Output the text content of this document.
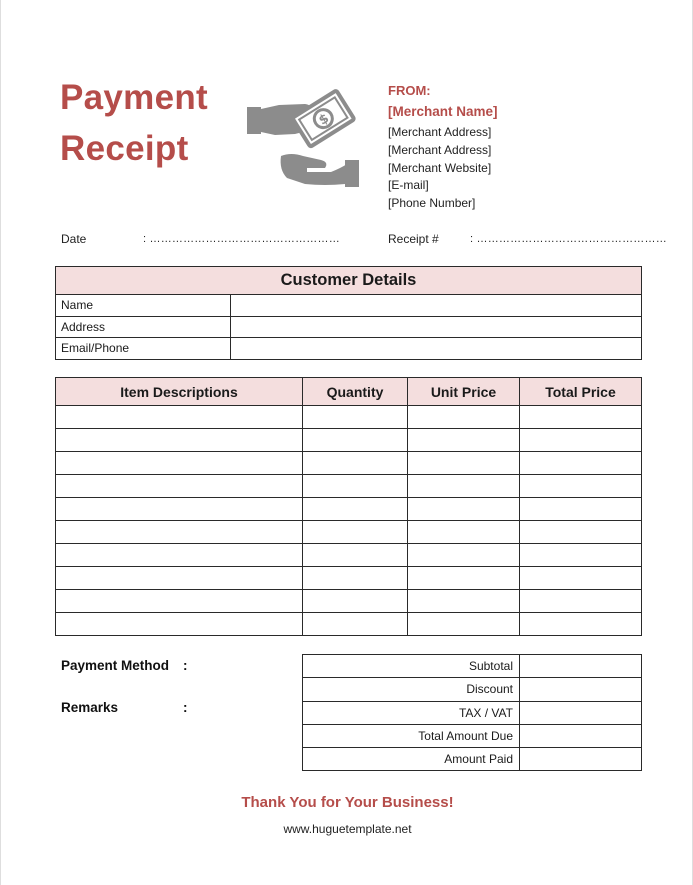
Payment
Receipt
$
FROM:
[Merchant Name]
[Merchant Address]
[Merchant Address]
[Merchant Website]
[E-mail]
[Phone Number]
Date	: ……………………………………………	Receipt #	: ……………………………………………
Customer Details	
Name	
Address	
Email/Phone	
Item Descriptions	Quantity	Unit Price	Total Price

Payment Method :
Remarks	:
Subtotal	
Discount	
TAX / VAT	
Total Amount Due	
Amount Paid	
Thank You for Your Business!
www.huguetemplate.net
